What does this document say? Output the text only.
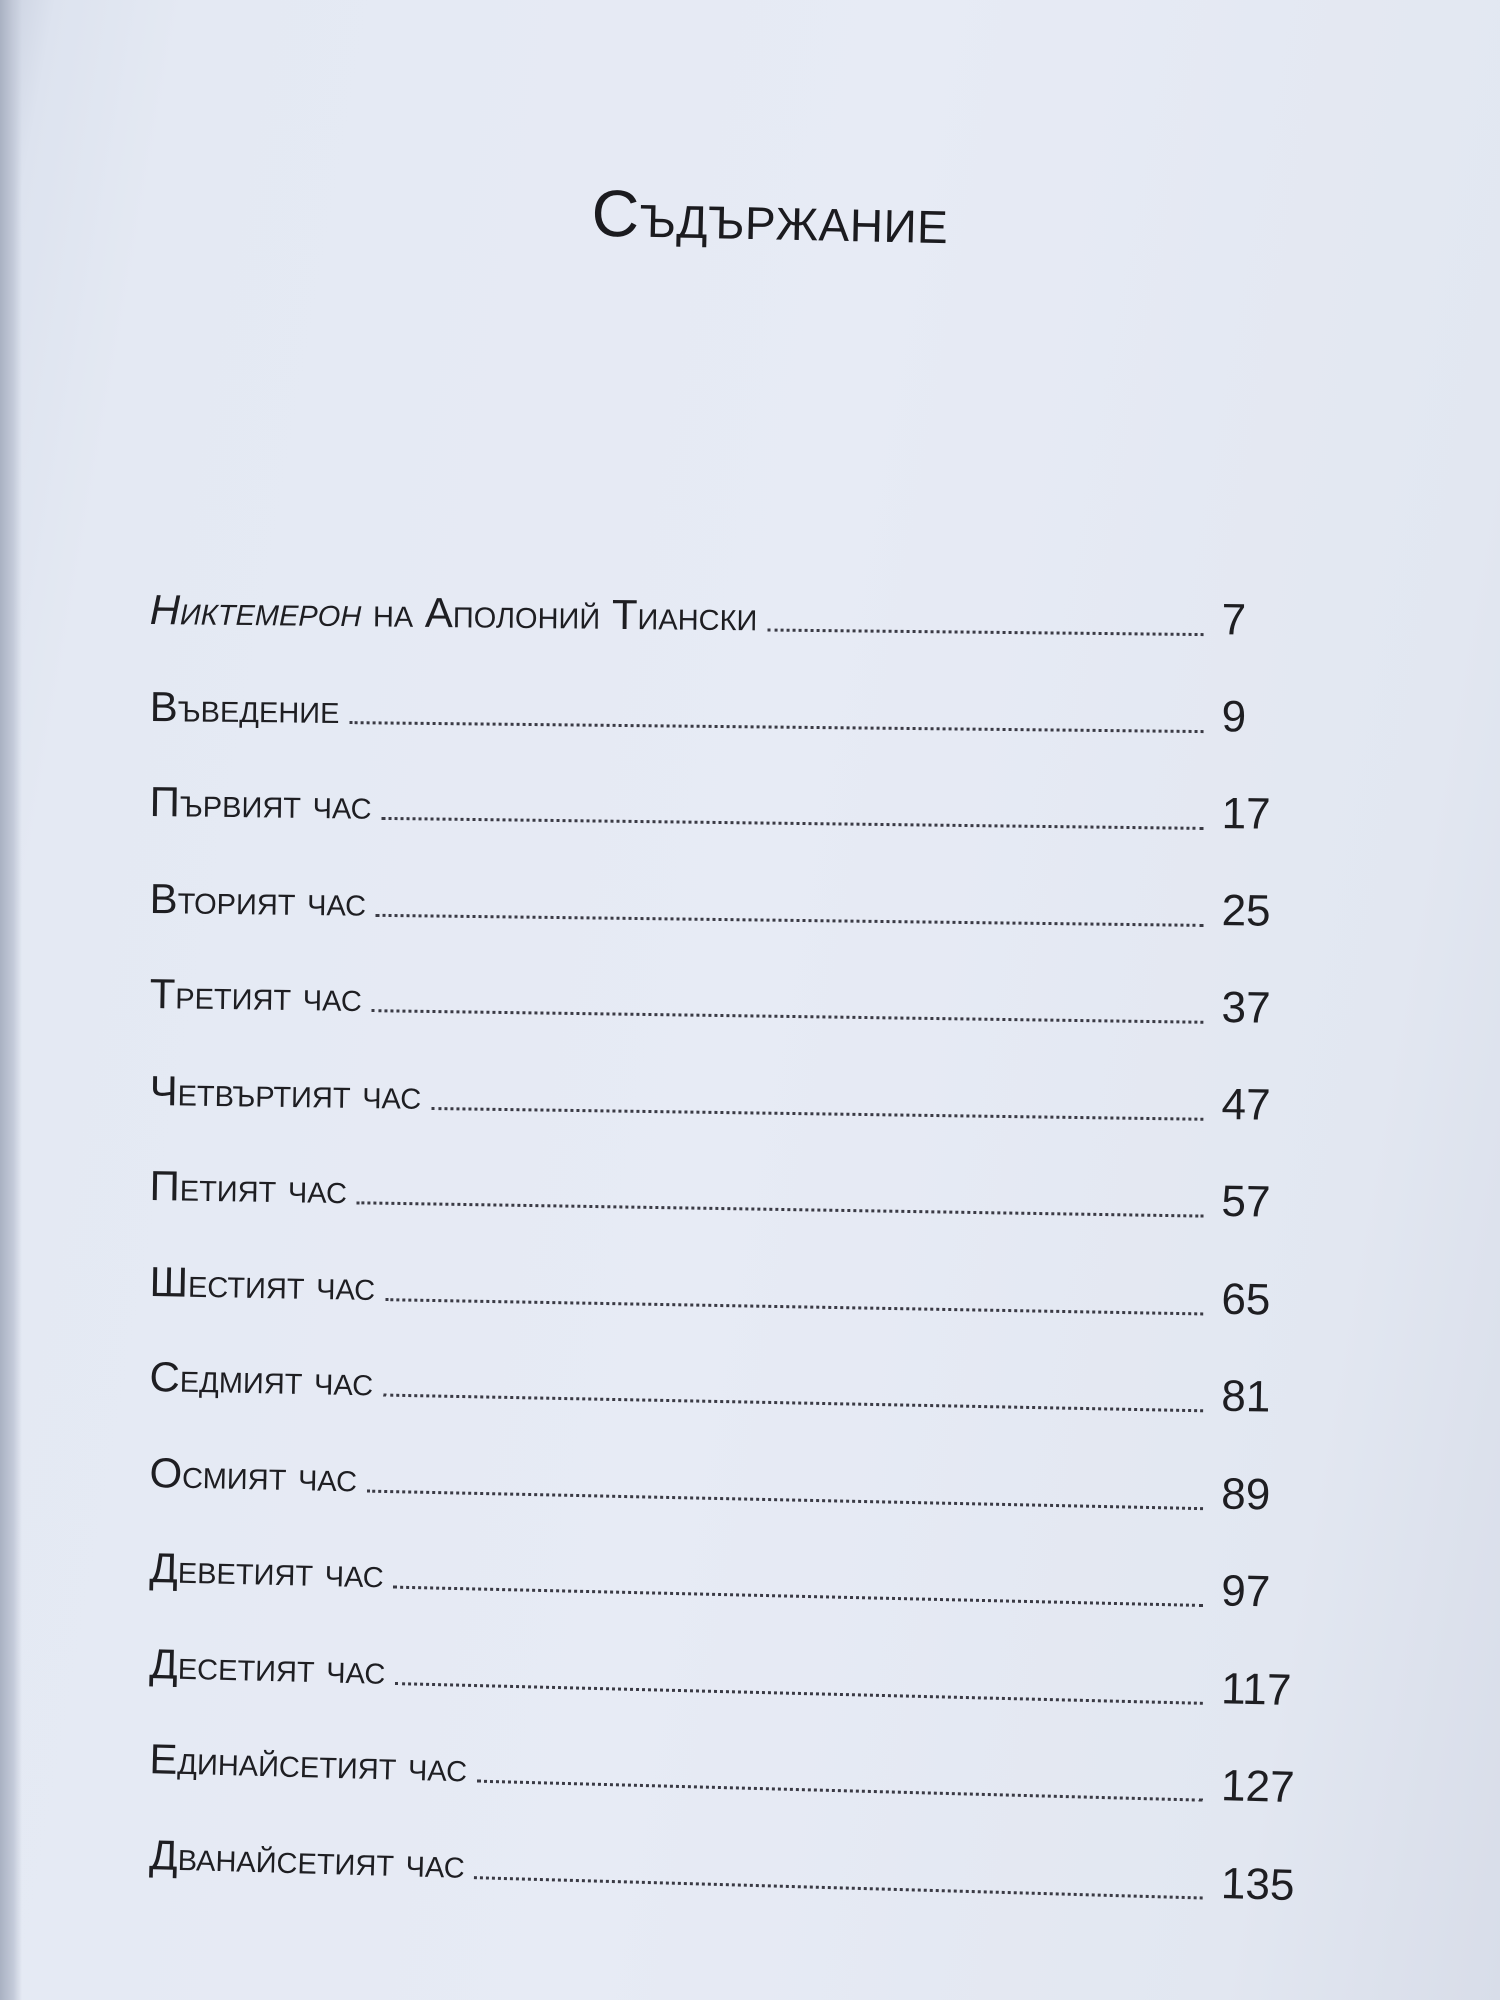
Съдържание
Никтемерон на Аполоний Тиански	7
Въведение	9
Първият час	17
Вторият час	25
Третият час	37
Четвъртият час	47
Петият час	57
Шестият час	65
Седмият час	81
Осмият час	89
Деветият час	97
Десетият час	117
Единайсетият час	127
Дванайсетият час	135
